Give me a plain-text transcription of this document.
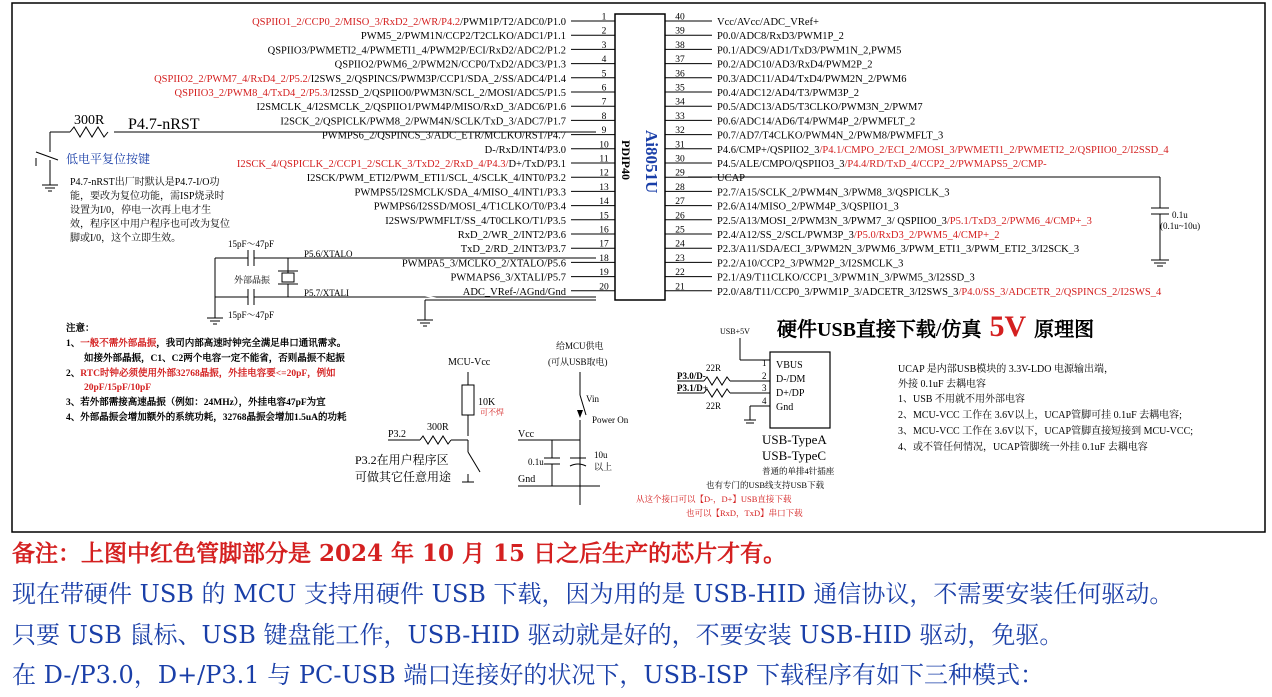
Ai8051U
PDIP40
1
QSPIIO1_2/CCP0_2/MISO_3/RxD2_2/WR/P4.2/PWM1P/T2/ADC0/P1.0
2
PWM5_2/PWM1N/CCP2/T2CLKO/ADC1/P1.1
3
QSPIIO3/PWMETI2_4/PWMETI1_4/PWM2P/ECI/RxD2/ADC2/P1.2
4
QSPIIO2/PWM6_2/PWM2N/CCP0/TxD2/ADC3/P1.3
5
QSPIIO2_2/PWM7_4/RxD4_2/P5.2/I2SWS_2/QSPINCS/PWM3P/CCP1/SDA_2/SS/ADC4/P1.4
6
QSPIIO3_2/PWM8_4/TxD4_2/P5.3/I2SSD_2/QSPIIO0/PWM3N/SCL_2/MOSI/ADC5/P1.5
7
I2SMCLK_4/I2SMCLK_2/QSPIIO1/PWM4P/MISO/RxD_3/ADC6/P1.6
8
I2SCK_2/QSPICLK/PWM8_2/PWM4N/SCLK/TxD_3/ADC7/P1.7
9
PWMPS6_2/QSPINCS_3/ADC_ETR/MCLKO/RST/P4.7
10
D-/RxD/INT4/P3.0
11
I2SCK_4/QSPICLK_2/CCP1_2/SCLK_3/TxD2_2/RxD_4/P4.3/D+/TxD/P3.1
12
I2SCK/PWM_ETI2/PWM_ETI1/SCL_4/SCLK_4/INT0/P3.2
13
PWMPS5/I2SMCLK/SDA_4/MISO_4/INT1/P3.3
14
PWMPS6/I2SSD/MOSI_4/T1CLKO/T0/P3.4
15
I2SWS/PWMFLT/SS_4/T0CLKO/T1/P3.5
16
RxD_2/WR_2/INT2/P3.6
17
TxD_2/RD_2/INT3/P3.7
18
PWMPA5_3/MCLKO_2/XTALO/P5.6
19
PWMAPS6_3/XTALI/P5.7
20
ADC_VRef-/AGnd/Gnd
40	Vcc/AVcc/ADC_VRef+
39	P0.0/ADC8/RxD3/PWM1P_2
38	P0.1/ADC9/AD1/TxD3/PWM1N_2,PWM5
37	P0.2/ADC10/AD3/RxD4/PWM2P_2
36	P0.3/ADC11/AD4/TxD4/PWM2N_2/PWM6
35	P0.4/ADC12/AD4/T3/PWM3P_2
34	P0.5/ADC13/AD5/T3CLKO/PWM3N_2/PWM7
33	P0.6/ADC14/AD6/T4/PWM4P_2/PWMFLT_2
32	P0.7/AD7/T4CLKO/PWM4N_2/PWM8/PWMFLT_3
31	P4.6/CMP+/QSPIIO2_3/P4.1/CMPO_2/ECI_2/MOSI_3/PWMETI1_2/PWMETI2_2/QSPIIO0_2/I2SSD_4
30	P4.5/ALE/CMPO/QSPIIO3_3/P4.4/RD/TxD_4/CCP2_2/PWMAPS5_2/CMP-
29	UCAP
28	P2.7/A15/SCLK_2/PWM4N_3/PWM8_3/QSPICLK_3
27	P2.6/A14/MISO_2/PWM4P_3/QSPIIO1_3
26	P2.5/A13/MOSI_2/PWM3N_3/PWM7_3/ QSPIIO0_3/P5.1/TxD3_2/PWM6_4/CMP+_3
25	P2.4/A12/SS_2/SCL/PWM3P_3/P5.0/RxD3_2/PWM5_4/CMP+_2
24	P2.3/A11/SDA/ECI_3/PWM2N_3/PWM6_3/PWM_ETI1_3/PWM_ETI2_3/I2SCK_3
23	P2.2/A10/CCP2_3/PWM2P_3/I2SMCLK_3
22	P2.1/A9/T11CLKO/CCP1_3/PWM1N_3/PWM5_3/I2SSD_3
21	P2.0/A8/T11/CCP0_3/PWM1P_3/ADCETR_3/I2SWS_3/P4.0/SS_3/ADCETR_2/QSPINCS_2/I2SWS_4
300R P4.7-nRST
低电平复位按键
P4.7-nRST出厂时默认是P4.7-I/O功
能，要改为复位功能，需ISP烧录时
设置为I/0，停电一次再上电才生
效，程序区中用户程序也可改为复位
脚或I/0，这个立即生效。	15pF～47pF
15pF～47pF
外部晶振
P5.6/XTALO
P5.7/XTALI
注意：
1、一般不需外部晶振，我司内部高速时钟完全满足串口通讯需求。
如接外部晶振，C1、C2两个电容一定不能省，否则晶振不起振
2、RTC时钟必须使用外部32768晶振，外挂电容要<=20pF，例如
20pF/15pF/10pF
3、若外部需接高速晶振（例如：24MHz），外挂电容47pF为宜
4、外部晶振会增加额外的系统功耗，32768晶振会增加1.5uA的功耗
MCU-Vcc
10K
可不焊
P3.2
300R
P3.2在用户程序区
可做其它任意用途
给MCU供电
(可从USB取电)
Vin
Power On
Vcc
Gnd
0.1u
10u
以上
0.1u
(0.1u~10u)
硬件USB直接下载/仿真 5V 原理图
USB+5V
P3.0/D-
P3.1/D+
22R
22R
1
2
3
4
VBUS
D-/DM
D+/DP
Gnd
USB-TypeA
USB-TypeC
普通的单排4针插座
也有专门的USB线支持USB下载
从这个接口可以【D-，D+】USB直接下载
也可以【RxD，TxD】串口下载
UCAP 是内部USB模块的 3.3V-LDO 电源输出端，
外接 0.1uF 去耦电容
1、USB 不用就不用外部电容
2、MCU-VCC 工作在 3.6V以上，UCAP管脚可挂 0.1uF 去耦电容;
3、MCU-VCC 工作在 3.6V以下，UCAP管脚直接短接到 MCU-VCC;
4、或不管任何情况，UCAP管脚统一外挂 0.1uF 去耦电容
备注：上图中红色管脚部分是 2024 年 10 月 15 日之后生产的芯片才有。
现在带硬件 USB 的 MCU 支持用硬件 USB 下载，因为用的是 USB-HID 通信协议，不需要安装任何驱动。
只要 USB 鼠标、USB 键盘能工作，USB-HID 驱动就是好的，不要安装 USB-HID 驱动，免驱。
在 D-/P3.0，D+/P3.1 与 PC-USB 端口连接好的状况下，USB-ISP 下载程序有如下三种模式：
